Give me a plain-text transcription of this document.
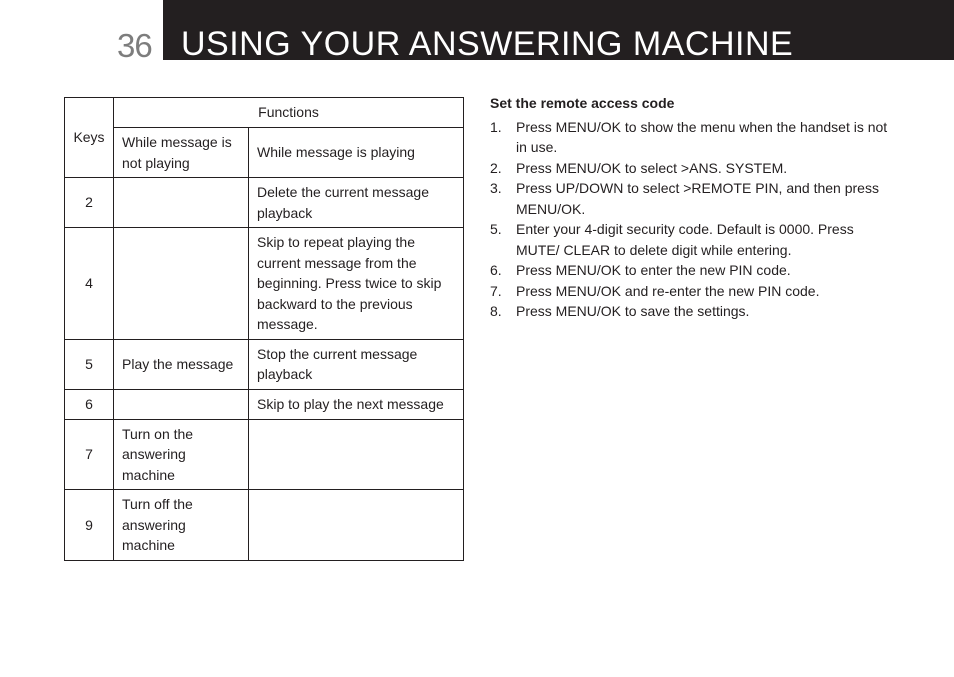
36 USING YOUR ANSWERING MACHINE
Keys	Functions	
	While message is not playing	While message is playing
2		Delete the current message playback
4		Skip to repeat playing the current message from the beginning. Press twice to skip backward to the previous message.
5	Play the message	Stop the current message playback
6		Skip to play the next message
7	Turn on the answering machine	
9	Turn off the answering machine	
Set the remote access code
1.	Press MENU/OK to show the menu when the handset is not in use.
2.	Press MENU/OK to select >ANS. SYSTEM.
3.	Press UP/DOWN to select >REMOTE PIN, and then press MENU/OK.
5.	Enter your 4-digit security code. Default is 0000. Press MUTE/ CLEAR to delete digit while entering.
6.	Press MENU/OK to enter the new PIN code.
7.	Press MENU/OK and re-enter the new PIN code.
8.	Press MENU/OK to save the settings.
